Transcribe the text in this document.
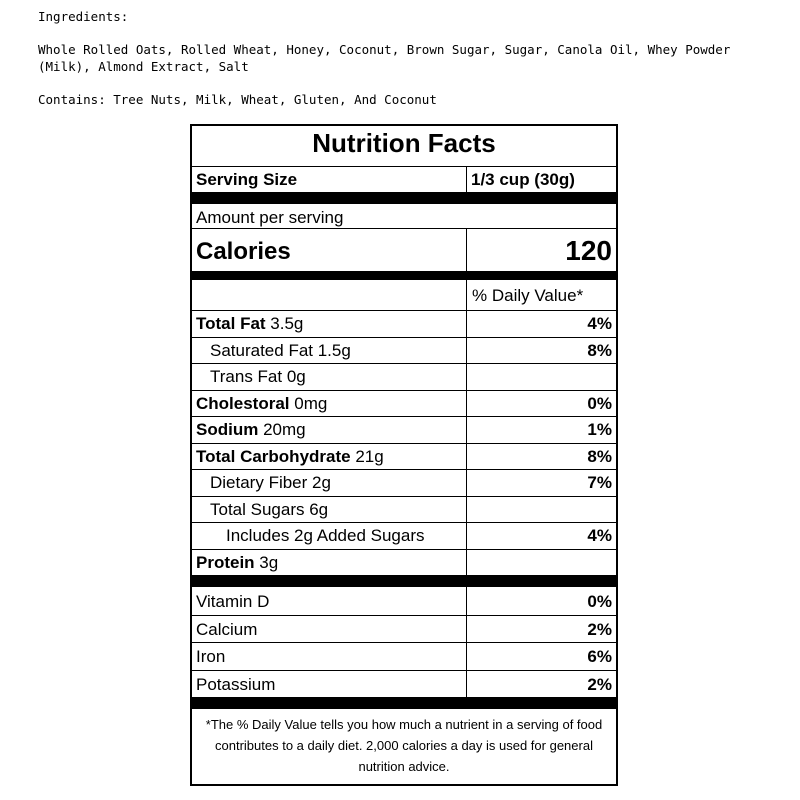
Ingredients:
Whole Rolled Oats, Rolled Wheat, Honey, Coconut, Brown Sugar, Sugar, Canola Oil, Whey Powder (Milk), Almond Extract, Salt
Contains: Tree Nuts, Milk, Wheat, Gluten, And Coconut
Nutrition Facts
Serving Size	1/3 cup (30g)
Amount per serving
Calories	120
% Daily Value*
*The % Daily Value tells you how much a nutrient in a serving of food contributes to a daily diet. 2,000 calories a day is used for general nutrition advice.
Total Fat 3.5g	4%
Saturated Fat 1.5g	8%
Trans Fat 0g
Cholestoral 0mg	0%
Sodium 20mg	1%
Total Carbohydrate 21g	8%
Dietary Fiber 2g	7%
Total Sugars 6g
Includes 2g Added Sugars	4%
Protein 3g
Vitamin D	0%
Calcium	2%
Iron	6%
Potassium	2%
